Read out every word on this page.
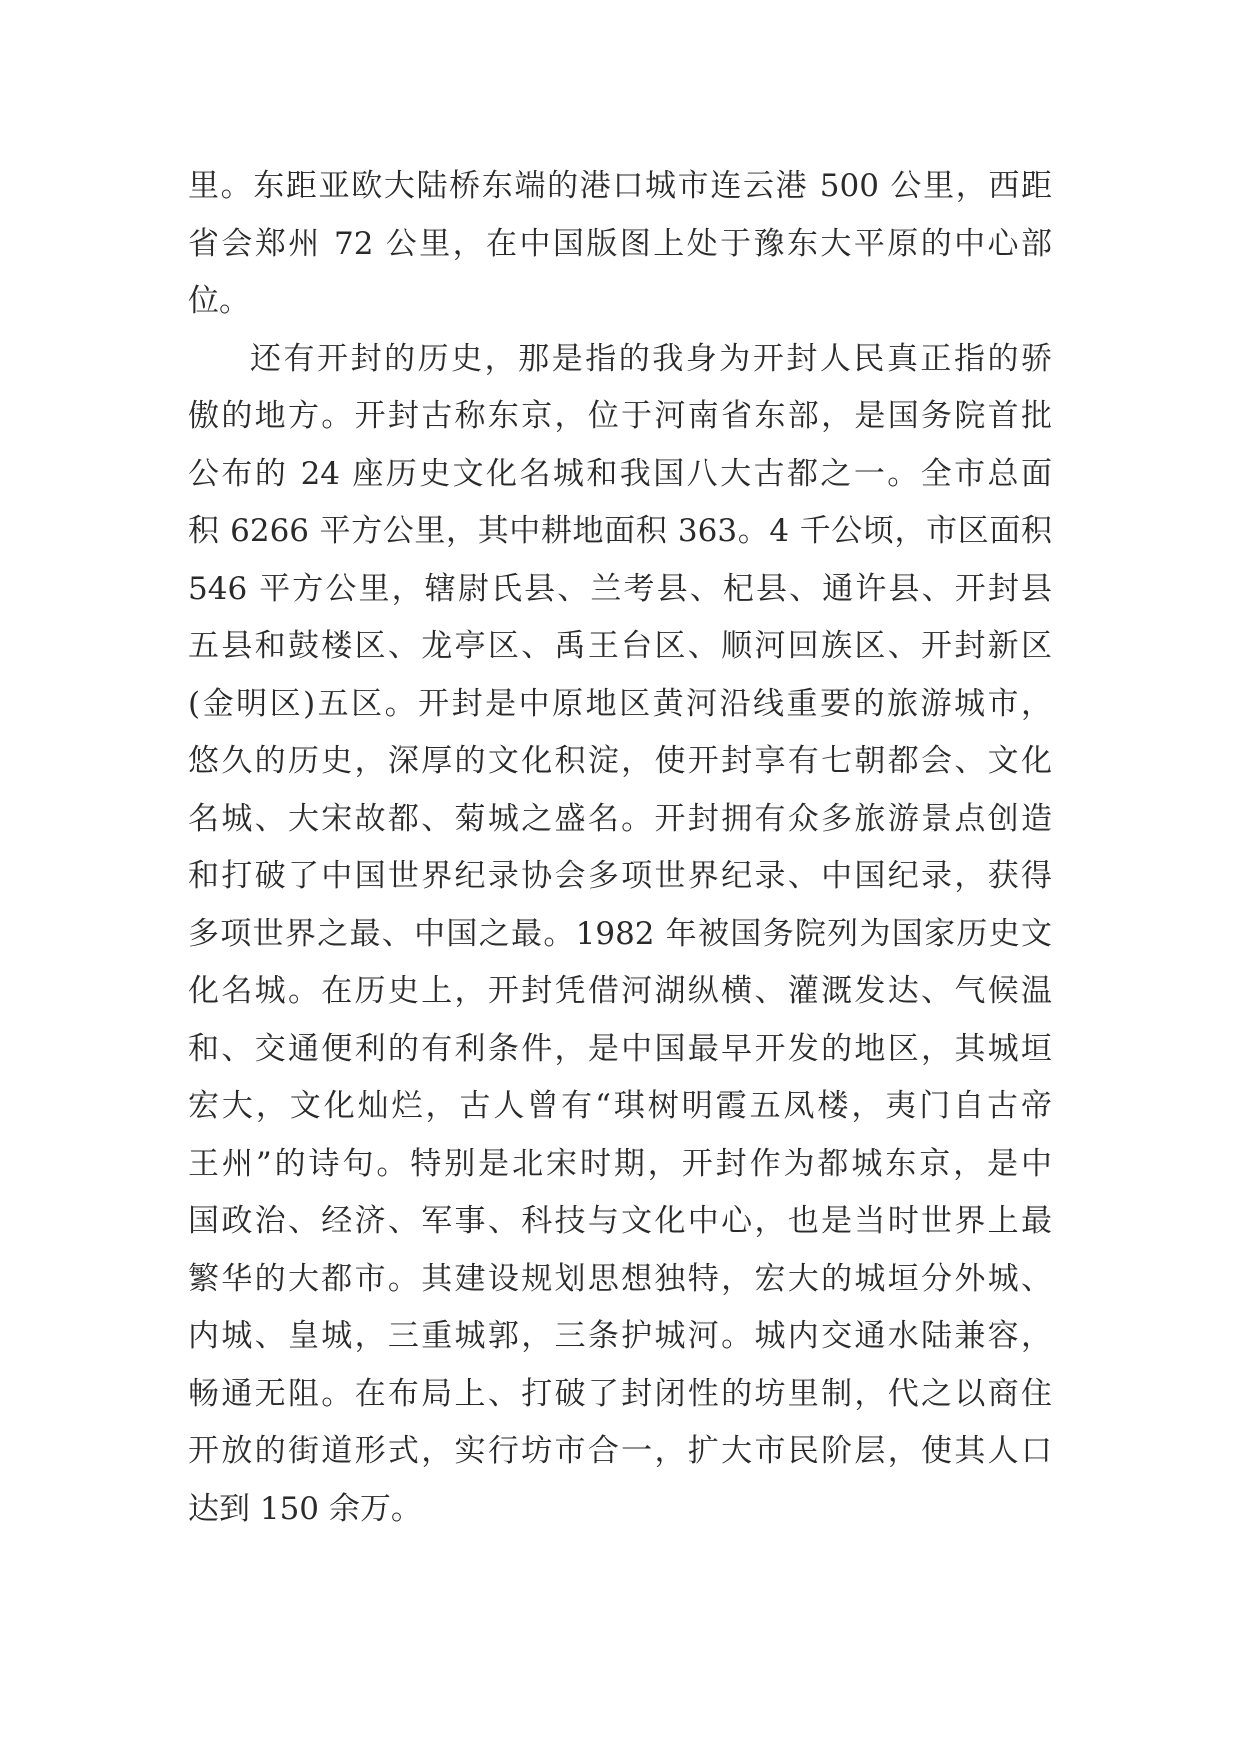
里。东距亚欧大陆桥东端的港口城市连云港 500 公里，西距
省会郑州 72 公里，在中国版图上处于豫东大平原的中心部
位。
还有开封的历史，那是指的我身为开封人民真正指的骄
傲的地方。开封古称东京，位于河南省东部，是国务院首批
公布的 24 座历史文化名城和我国八大古都之一。全市总面
积 6266 平方公里，其中耕地面积 363。4 千公顷，市区面积
546 平方公里，辖尉氏县、兰考县、杞县、通许县、开封县
五县和鼓楼区、龙亭区、禹王台区、顺河回族区、开封新区
(金明区)五区。开封是中原地区黄河沿线重要的旅游城市，
悠久的历史，深厚的文化积淀，使开封享有七朝都会、文化
名城、大宋故都、菊城之盛名。开封拥有众多旅游景点创造
和打破了中国世界纪录协会多项世界纪录、中国纪录，获得
多项世界之最、中国之最。1982 年被国务院列为国家历史文
化名城。在历史上，开封凭借河湖纵横、灌溉发达、气候温
和、交通便利的有利条件，是中国最早开发的地区，其城垣
宏大，文化灿烂，古人曾有“琪树明霞五凤楼，夷门自古帝
王州”的诗句。特别是北宋时期，开封作为都城东京，是中
国政治、经济、军事、科技与文化中心，也是当时世界上最
繁华的大都市。其建设规划思想独特，宏大的城垣分外城、
内城、皇城，三重城郭，三条护城河。城内交通水陆兼容，
畅通无阻。在布局上、打破了封闭性的坊里制，代之以商住
开放的街道形式，实行坊市合一，扩大市民阶层，使其人口
达到 150 余万。
